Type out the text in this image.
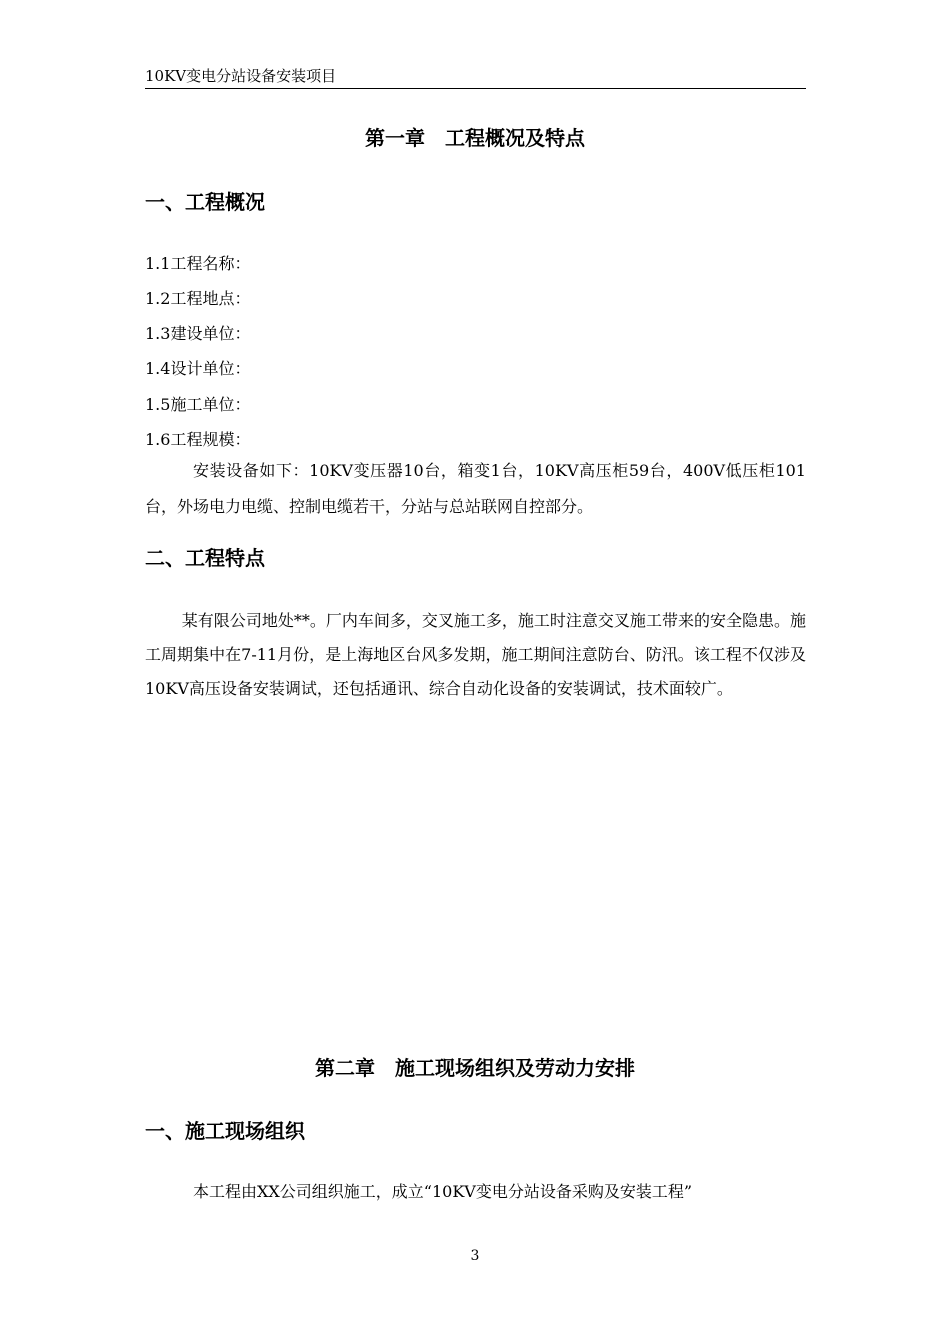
10KV变电分站设备安装项目
第一章　工程概况及特点
一、工程概况
1.1工程名称：
1.2工程地点：
1.3建设单位：
1.4设计单位：
1.5施工单位：
1.6工程规模：
安装设备如下：10KV变压器10台，箱变1台，10KV高压柜59台，400V低压柜101台，外场电力电缆、控制电缆若干，分站与总站联网自控部分。
二、工程特点
某有限公司地处**。厂内车间多，交叉施工多，施工时注意交叉施工带来的安全隐患。施工周期集中在7-11月份，是上海地区台风多发期，施工期间注意防台、防汛。该工程不仅涉及10KV高压设备安装调试，还包括通讯、综合自动化设备的安装调试，技术面较广。
第二章　施工现场组织及劳动力安排
一、施工现场组织
本工程由XX公司组织施工，成立“10KV变电分站设备采购及安装工程”
3
